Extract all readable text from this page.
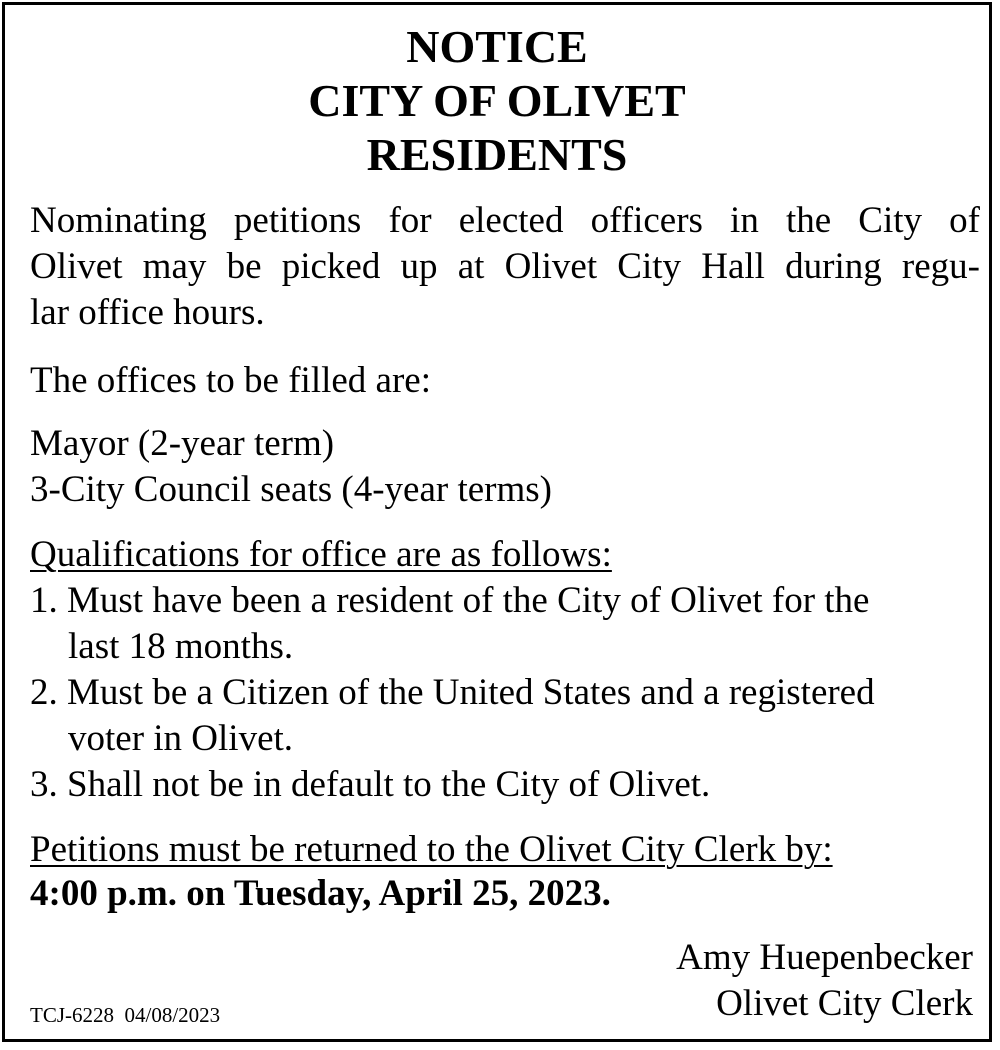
NOTICE
CITY OF OLIVET
RESIDENTS
Nominating petitions for elected officers in the City of
Olivet may be picked up at Olivet City Hall during regu-
lar office hours.
The offices to be filled are:
Mayor (2-year term)
3-City Council seats (4-year terms)
Qualifications for office are as follows:
1. Must have been a resident of the City of Olivet for the
last 18 months.
2. Must be a Citizen of the United States and a registered
voter in Olivet.
3. Shall not be in default to the City of Olivet.
Petitions must be returned to the Olivet City Clerk by:
4:00 p.m. on Tuesday, April 25, 2023.
Amy Huepenbecker
Olivet City Clerk
TCJ-6228  04/08/2023
